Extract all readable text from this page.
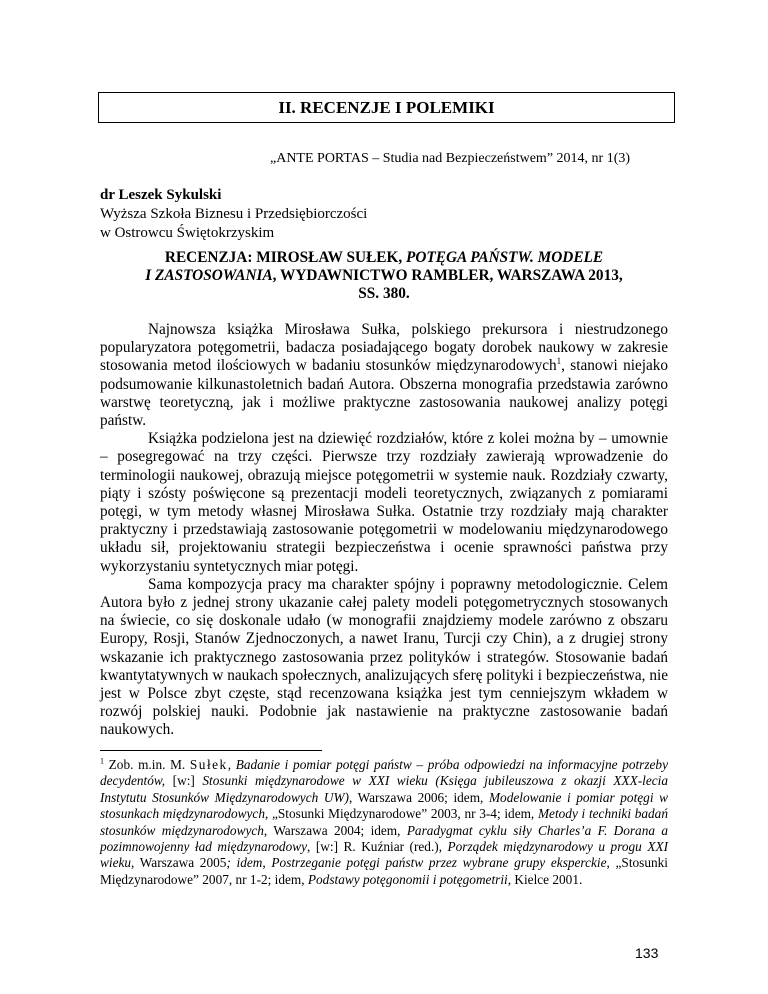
II. RECENZJE I POLEMIKI
„ANTE PORTAS – Studia nad Bezpieczeństwem” 2014, nr 1(3)
dr Leszek Sykulski
Wyższa Szkoła Biznesu i Przedsiębiorczości
w Ostrowcu Świętokrzyskim
RECENZJA: MIROSŁAW SUŁEK, POTĘGA PAŃSTW. MODELE
I ZASTOSOWANIA, WYDAWNICTWO RAMBLER, WARSZAWA 2013,
SS. 380.

Najnowsza książka Mirosława Sułka, polskiego prekursora i niestrudzonego popularyzatora potęgometrii, badacza posiadającego bogaty dorobek naukowy w zakresie stosowania metod ilościowych w badaniu stosunków międzynarodowych$^1$, stanowi niejako podsumowanie kilkunastoletnich badań Autora. Obszerna monografia przedstawia zarówno warstwę teoretyczną, jak i możliwe praktyczne zastosowania naukowej analizy potęgi państw.

Książka podzielona jest na dziewięć rozdziałów, które z kolei można by – umownie – posegregować na trzy części. Pierwsze trzy rozdziały zawierają wprowadzenie do terminologii naukowej, obrazują miejsce potęgometrii w systemie nauk. Rozdziały czwarty, piąty i szósty poświęcone są prezentacji modeli teoretycznych, związanych z pomiarami potęgi, w tym metody własnej Mirosława Sułka. Ostatnie trzy rozdziały mają charakter praktyczny i przedstawiają zastosowanie potęgometrii w modelowaniu międzynarodowego układu sił, projektowaniu strategii bezpieczeństwa i ocenie sprawności państwa przy wykorzystaniu syntetycznych miar potęgi.

Sama kompozycja pracy ma charakter spójny i poprawny metodologicznie. Celem Autora było z jednej strony ukazanie całej palety modeli potęgometrycznych stosowanych na świecie, co się doskonale udało (w monografii znajdziemy modele zarówno z obszaru Europy, Rosji, Stanów Zjednoczonych, a nawet Iranu, Turcji czy Chin), a z drugiej strony wskazanie ich praktycznego zastosowania przez polityków i strategów. Stosowanie badań kwantytatywnych w naukach społecznych, analizujących sferę polityki i bezpieczeństwa, nie jest w Polsce zbyt częste, stąd recenzowana książka jest tym cenniejszym wkładem w rozwój polskiej nauki. Podobnie jak nastawienie na praktyczne zastosowanie badań naukowych.

$^1$ Zob. m.in. M. Sułek, Badanie i pomiar potęgi państw – próba odpowiedzi na informacyjne potrzeby decydentów, [w:] Stosunki międzynarodowe w XXI wieku (Księga jubileuszowa z okazji XXX-lecia Instytutu Stosunków Międzynarodowych UW), Warszawa 2006; idem, Modelowanie i pomiar potęgi w stosunkach międzynarodowych, „Stosunki Międzynarodowe” 2003, nr 3-4; idem, Metody i techniki badań stosunków międzynarodowych, Warszawa 2004; idem, Paradygmat cyklu siły Charles’a F. Dorana a pozimnowojenny ład międzynarodowy, [w:] R. Kuźniar (red.), Porządek międzynarodowy u progu XXI wieku, Warszawa 2005; idem, Postrzeganie potęgi państw przez wybrane grupy eksperckie, „Stosunki Międzynarodowe” 2007, nr 1-2; idem, Podstawy potęgonomii i potęgometrii, Kielce 2001.
133
